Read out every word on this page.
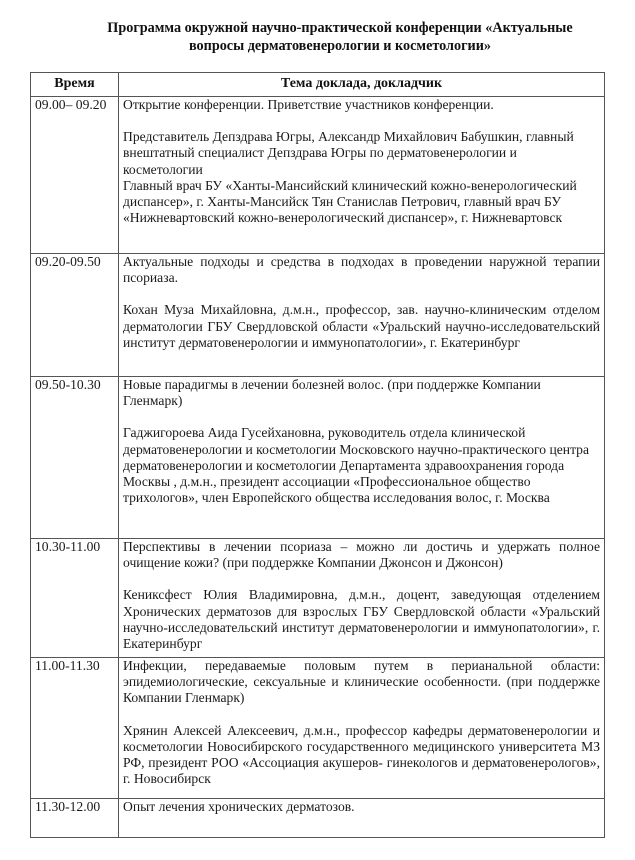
Программа окружной научно-практической конференции «Актуальные
вопросы дерматовенерологии и косметологии»
Время	Тема доклада, докладчик
09.00– 09.20	Открытие конференции. Приветствие участников конференции.
Представитель Депздрава Югры, Александр Михайлович Бабушкин, главный внештатный специалист Депздрава Югры по дерматовенерологии и косметологии
Главный врач БУ «Ханты-Мансийский клинический кожно-венерологический диспансер», г. Ханты-Мансийск Тян Станислав Петрович, главный врач БУ «Нижневартовский кожно-венерологический диспансер», г. Нижневартовск

09.20-09.50	Актуальные подходы и средства в подходах в проведении наружной терапии псориаза.
Кохан Муза Михайловна, д.м.н., профессор, зав. научно-клиническим отделом дерматологии ГБУ Свердловской области «Уральский научно-исследовательский институт дерматовенерологии и иммунопатологии», г. Екатеринбург

09.50-10.30	Новые парадигмы в лечении болезней волос. (при поддержке Компании Гленмарк)
Гаджигороева Аида Гусейхановна, руководитель отдела клинической дерматовенерологии и косметологии Московского научно-практического центра дерматовенерологии и косметологии Департамента здравоохранения города Москвы , д.м.н., президент ассоциации «Профессиональное общество трихологов», член Европейского общества исследования волос, г. Москва

10.30-11.00	Перспективы в лечении псориаза – можно ли достичь и удержать полное очищение кожи? (при поддержке Компании Джонсон и Джонсон)
Кениксфест Юлия Владимировна, д.м.н., доцент, заведующая отделением Хронических дерматозов для взрослых ГБУ Свердловской области «Уральский научно-исследовательский институт дерматовенерологии и иммунопатологии», г. Екатеринбург

11.00-11.30	Инфекции, передаваемые половым путем в перианальной области: эпидемиологические, сексуальные и клинические особенности. (при поддержке Компании Гленмарк)
Хрянин Алексей Алексеевич, д.м.н., профессор кафедры дерматовенерологии и косметологии Новосибирского государственного медицинского университета МЗ РФ, президент РОО «Ассоциация акушеров- гинекологов и дерматовенерологов», г. Новосибирск

11.30-12.00	Опыт лечения хронических дерматозов.
